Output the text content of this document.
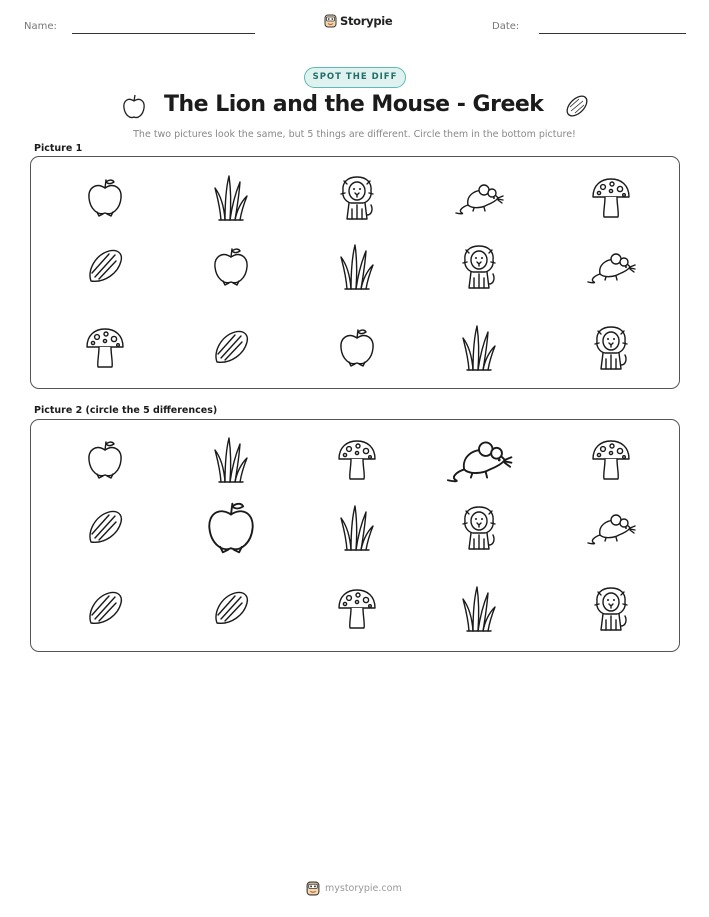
Name:	Storypie	Date:
SPOT THE DIFF
The Lion and the Mouse - Greek
The two pictures look the same, but 5 things are different. Circle them in the bottom picture!
Picture 1
Picture 2 (circle the 5 differences)
mystorypie.com
